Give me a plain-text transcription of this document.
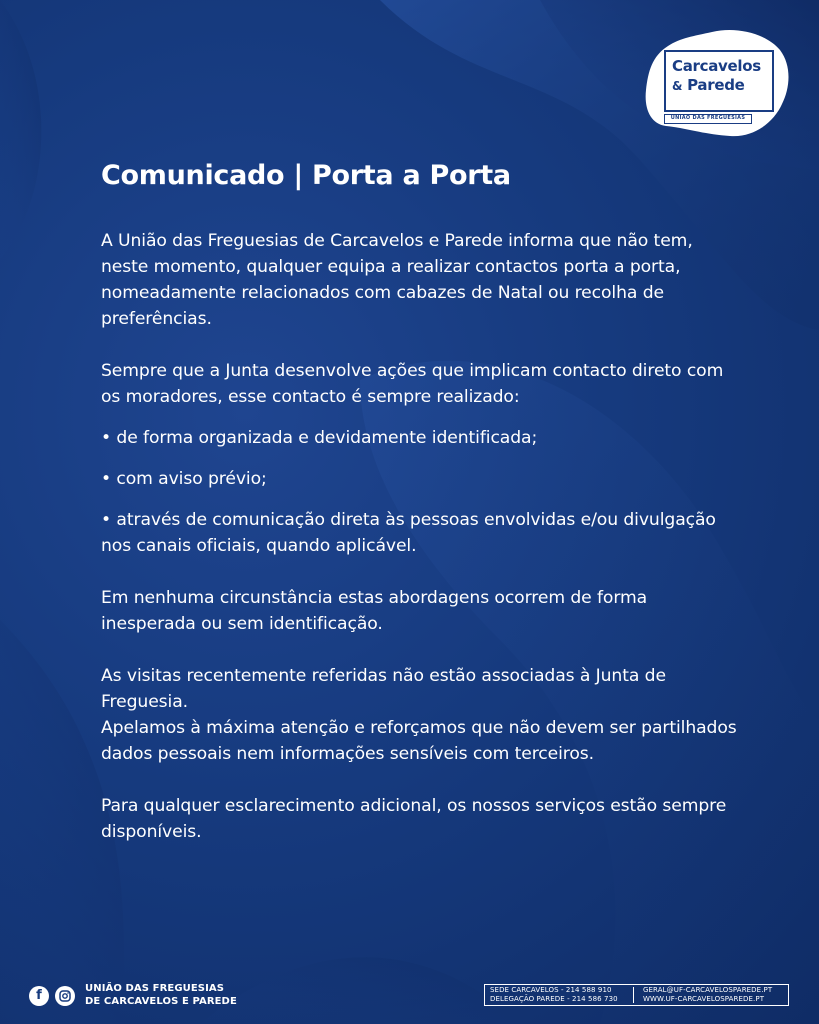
Carcavelos
& Parede
UNIÃO DAS FREGUESIAS
Comunicado | Porta a Porta

A União das Freguesias de Carcavelos e Parede informa que não tem, neste momento, qualquer equipa a realizar contactos porta a porta, nomeadamente relacionados com cabazes de Natal ou recolha de preferências.

Sempre que a Junta desenvolve ações que implicam contacto direto com os moradores, esse contacto é sempre realizado:

• de forma organizada e devidamente identificada;

• com aviso prévio;

• através de comunicação direta às pessoas envolvidas e/ou divulgação nos canais oficiais, quando aplicável.

Em nenhuma circunstância estas abordagens ocorrem de forma inesperada ou sem identificação.

As visitas recentemente referidas não estão associadas à Junta de Freguesia.

Apelamos à máxima atenção e reforçamos que não devem ser partilhados dados pessoais nem informações sensíveis com terceiros.

Para qualquer esclarecimento adicional, os nossos serviços estão sempre disponíveis.

f	UNIÃO DAS FREGUESIAS
DE CARCAVELOS E PAREDE
SEDE CARCAVELOS - 214 588 910
DELEGAÇÃO PAREDE - 214 586 730
GERAL@UF-CARCAVELOSPAREDE.PT
WWW.UF-CARCAVELOSPAREDE.PT
